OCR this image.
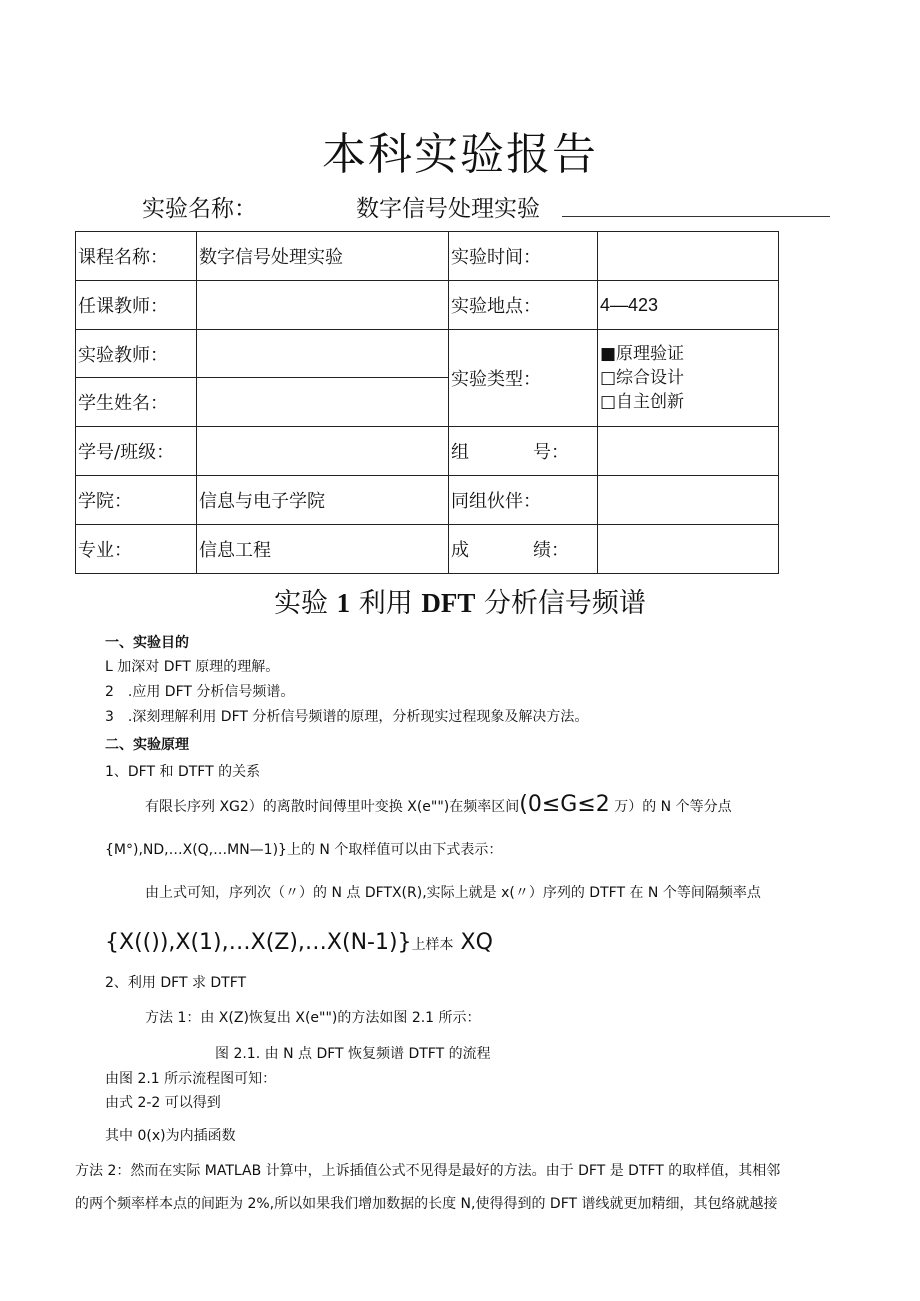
本科实验报告
实验名称：	数字信号处理实验
课程名称：	数字信号处理实验	实验时间：	
任课教师：		实验地点：	4—423
实验教师：		实验类型：	■原理验证
□综合设计
□自主创新

学生姓名：			
学号/班级：		组 号：	
学院：	信息与电子学院	同组伙伴：	
专业：	信息工程	成 绩：	
实验 1 利用 DFT 分析信号频谱
一、实验目的
L 加深对 DFT 原理的理解。
2　.应用 DFT 分析信号频谱。
3　.深刻理解利用 DFT 分析信号频谱的原理，分析现实过程现象及解决方法。
二、实验原理
1、DFT 和 DTFT 的关系
有限长序列 XG2）的离散时间傅里叶变换 X(e"")在频率区间(0≤G≤2 万）的 N 个等分点
{M°),ND,…X(Q,…MN—1)}上的 N 个取样值可以由下式表示：
由上式可知，序列次（〃）的 N 点 DFTX(R),实际上就是 x(〃）序列的 DTFT 在 N 个等间隔频率点
{X(()),X(1),…X(Z),…X(N-1)}上样本 XQ
2、利用 DFT 求 DTFT
方法 1：由 X(Z)恢复出 X(e"")的方法如图 2.1 所示：
图 2.1. 由 N 点 DFT 恢复频谱 DTFT 的流程
由图 2.1 所示流程图可知：
由式 2-2 可以得到
其中 0(x)为内插函数
方法 2：然而在实际 MATLAB 计算中，上诉插值公式不见得是最好的方法。由于 DFT 是 DTFT 的取样值，其相邻
的两个频率样本点的间距为 2%,所以如果我们增加数据的长度 N,使得得到的 DFT 谱线就更加精细，其包络就越接
